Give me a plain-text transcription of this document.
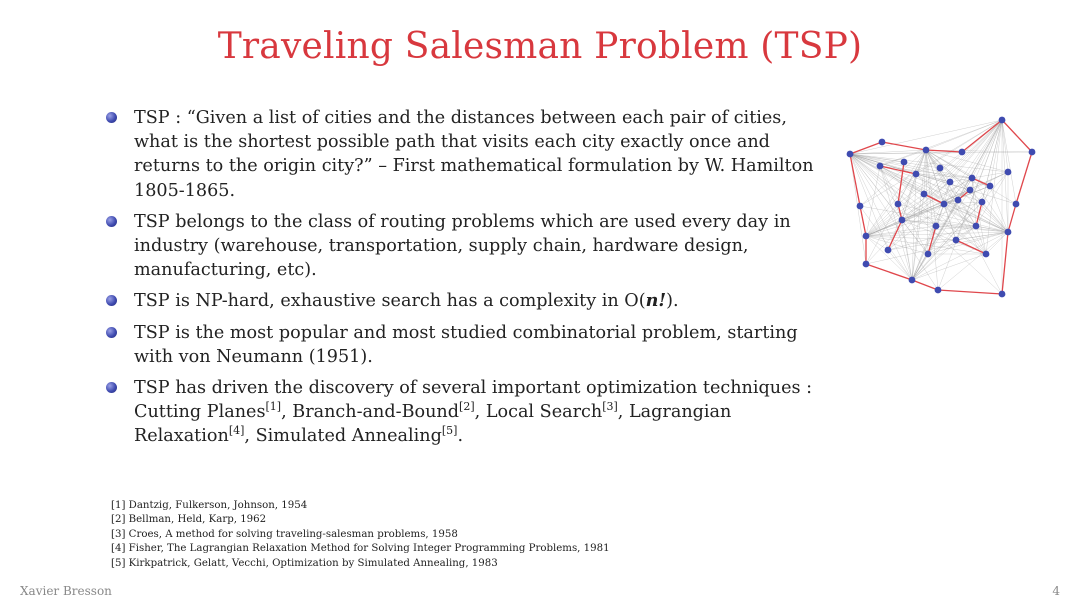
Traveling Salesman Problem (TSP)
TSP : “Given a list of cities and the distances between each pair of cities, what is the shortest possible path that visits each city exactly once and returns to the origin city?” – First mathematical formulation by W. Hamilton 1805-1865.
TSP belongs to the class of routing problems which are used every day in industry (warehouse, transportation, supply chain, hardware design, manufacturing, etc).
TSP is NP-hard, exhaustive search has a complexity in O(n!).
TSP is the most popular and most studied combinatorial problem, starting with von Neumann (1951).
TSP has driven the discovery of several important optimization techniques : Cutting Planes[1], Branch-and-Bound[2], Local Search[3], Lagrangian Relaxation[4], Simulated Annealing[5].
[1] Dantzig, Fulkerson, Johnson, 1954
[2] Bellman, Held, Karp, 1962
[3] Croes, A method for solving traveling-salesman problems, 1958
[4] Fisher, The Lagrangian Relaxation Method for Solving Integer Programming Problems, 1981
[5] Kirkpatrick, Gelatt, Vecchi, Optimization by Simulated Annealing, 1983
Xavier Bresson	4
